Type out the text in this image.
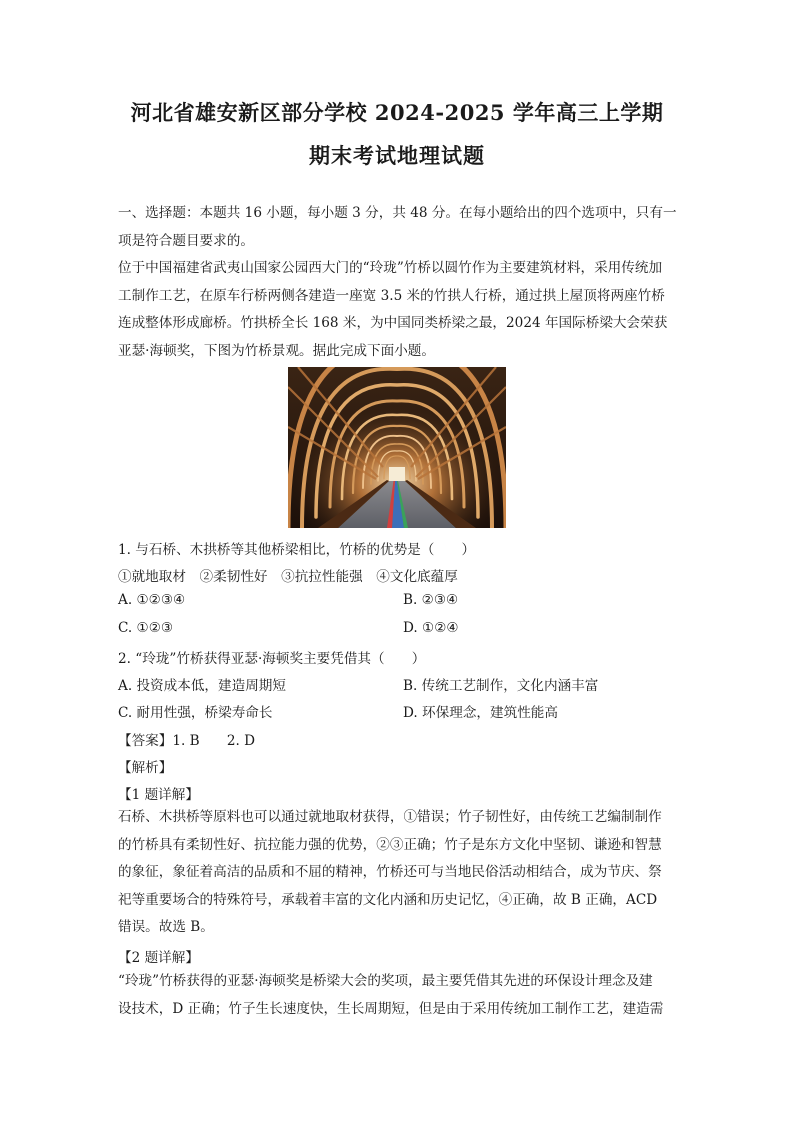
河北省雄安新区部分学校 2024-2025 学年高三上学期
期末考试地理试题
一、选择题：本题共 16 小题，每小题 3 分，共 48 分。在每小题给出的四个选项中，只有一
项是符合题目要求的。
位于中国福建省武夷山国家公园西大门的“玲珑”竹桥以圆竹作为主要建筑材料，采用传统加
工制作工艺，在原车行桥两侧各建造一座宽 3.5 米的竹拱人行桥，通过拱上屋顶将两座竹桥
连成整体形成廊桥。竹拱桥全长 168 米，为中国同类桥梁之最，2024 年国际桥梁大会荣获
亚瑟·海顿奖，下图为竹桥景观。据此完成下面小题。
1. 与石桥、木拱桥等其他桥梁相比，竹桥的优势是（　　）
①就地取材　②柔韧性好　③抗拉性能强　④文化底蕴厚
A. ①②③④	B. ②③④
C. ①②③	D. ①②④
2. “玲珑”竹桥获得亚瑟·海顿奖主要凭借其（　　）
A. 投资成本低，建造周期短	B. 传统工艺制作，文化内涵丰富
C. 耐用性强，桥梁寿命长	D. 环保理念，建筑性能高
【答案】1. B　　2. D
【解析】
【1 题详解】
石桥、木拱桥等原料也可以通过就地取材获得，①错误；竹子韧性好，由传统工艺编制制作
的竹桥具有柔韧性好、抗拉能力强的优势，②③正确；竹子是东方文化中坚韧、谦逊和智慧
的象征，象征着高洁的品质和不屈的精神，竹桥还可与当地民俗活动相结合，成为节庆、祭
祀等重要场合的特殊符号，承载着丰富的文化内涵和历史记忆，④正确，故 B 正确，ACD
错误。故选 B。
【2 题详解】
“玲珑”竹桥获得的亚瑟·海顿奖是桥梁大会的奖项，最主要凭借其先进的环保设计理念及建
设技术，D 正确；竹子生长速度快，生长周期短，但是由于采用传统加工制作工艺，建造需
